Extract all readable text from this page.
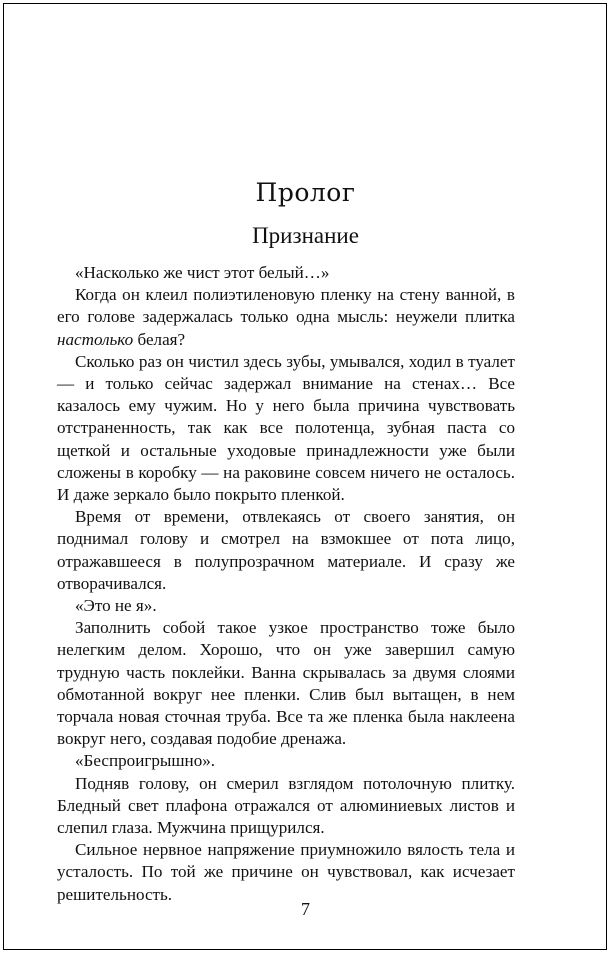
Пролог
Признание

«Насколько же чист этот белый…»

Когда он клеил полиэтиленовую пленку на стену ванной, в его голове задержалась только одна мысль: неужели плитка настолько белая?

Сколько раз он чистил здесь зубы, умывался, ходил в туалет — и только сейчас задержал внимание на стенах… Все казалось ему чужим. Но у него была причина чувствовать отстраненность, так как все полотенца, зубная паста со щеткой и остальные уходовые принадлежности уже были сложены в коробку — на раковине совсем ничего не осталось. И даже зеркало было покрыто пленкой.

Время от времени, отвлекаясь от своего занятия, он поднимал голову и смотрел на взмокшее от пота лицо, отражавшееся в полупрозрачном материале. И сразу же отворачивался.

«Это не я».

Заполнить собой такое узкое пространство тоже было нелегким делом. Хорошо, что он уже завершил самую трудную часть поклейки. Ванна скрывалась за двумя слоями обмотанной вокруг нее пленки. Слив был вытащен, в нем торчала новая сточная труба. Все та же пленка была наклеена вокруг него, создавая подобие дренажа.

«Беспроигрышно».

Подняв голову, он смерил взглядом потолочную плитку. Бледный свет плафона отражался от алюминиевых листов и слепил глаза. Мужчина прищурился.

Сильное нервное напряжение приумножило вялость тела и усталость. По той же причине он чувствовал, как исчезает решительность.

7
